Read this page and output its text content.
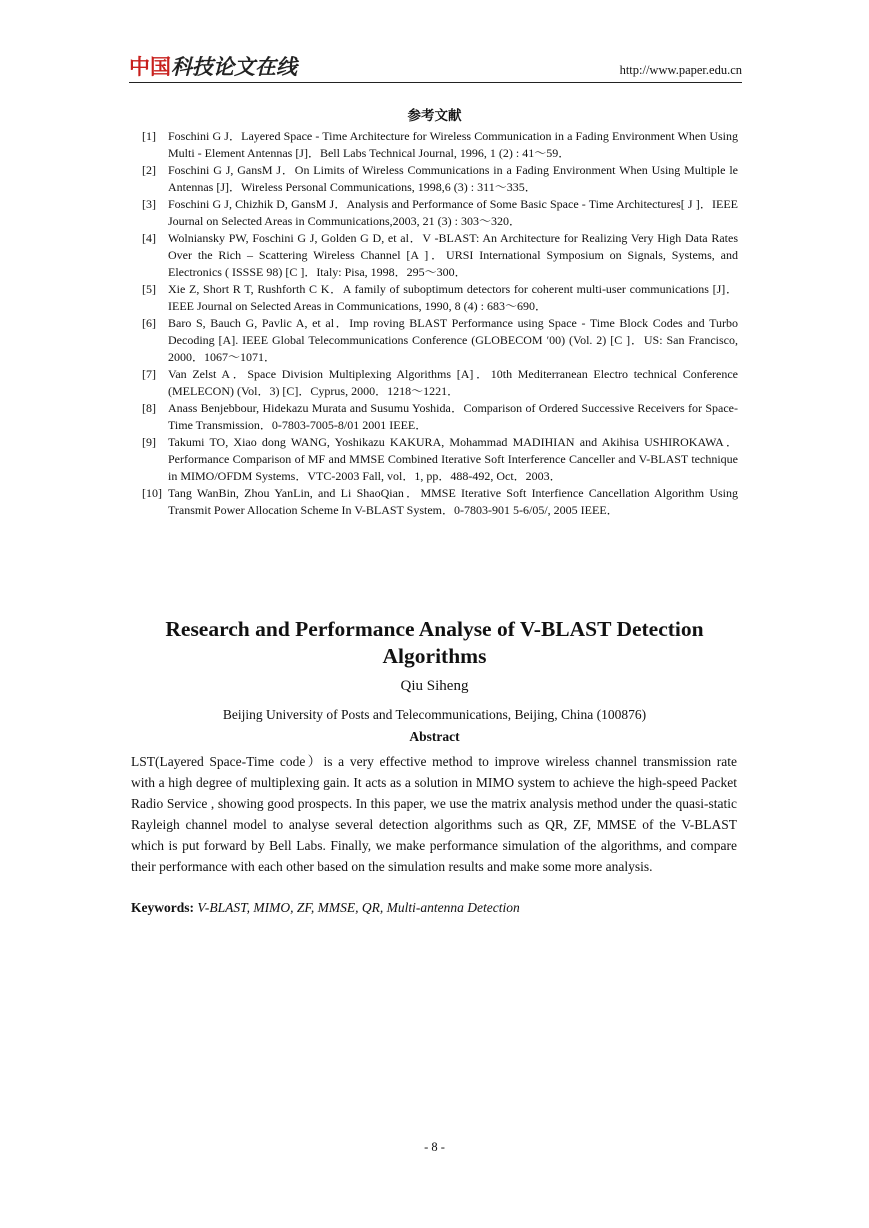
中国科技论文在线	http://www.paper.edu.cn
参考文献
[1] Foschini G J．Layered Space - Time Architecture for Wireless Communication in a Fading Environment When Using Multi - Element Antennas [J]．Bell Labs Technical Journal, 1996, 1 (2) : 41～59．
[2] Foschini G J, GansM J．On Limits of Wireless Communications in a Fading Environment When Using Multiple le Antennas [J]．Wireless Personal Communications, 1998,6 (3) : 311～335．
[3] Foschini G J, Chizhik D, GansM J．Analysis and Performance of Some Basic Space - Time Architectures[ J ]．IEEE Journal on Selected Areas in Communications,2003, 21 (3) : 303～320．
[4] Wolniansky PW, Foschini G J, Golden G D, et al．V -BLAST: An Architecture for Realizing Very High Data Rates Over the Rich – Scattering Wireless Channel [A ]．URSI International Symposium on Signals, Systems, and Electronics ( ISSSE 98) [C ]．Italy: Pisa, 1998．295～300．
[5] Xie Z, Short R T, Rushforth C K．A family of suboptimum detectors for coherent multi-user communications [J]．IEEE Journal on Selected Areas in Communications, 1990, 8 (4) : 683～690．
[6] Baro S, Bauch G, Pavlic A, et al．Imp roving BLAST Performance using Space - Time Block Codes and Turbo Decoding [A]. IEEE Global Telecommunications Conference (GLOBECOM ′00) (Vol. 2) [C ]．US: San Francisco, 2000．1067～1071．
[7] Van Zelst A．Space Division Multiplexing Algorithms [A]．10th Mediterranean Electro technical Conference　(MELECON) (Vol．3) [C]．Cyprus, 2000．1218～1221．
[8] Anass Benjebbour, Hidekazu Murata and Susumu Yoshida．Comparison of Ordered Successive Receivers for Space-Time Transmission．0-7803-7005-8/01 2001 IEEE．
[9] Takumi TO, Xiao dong WANG, Yoshikazu KAKURA, Mohammad MADIHIAN and Akihisa USHIROKAWA．Performance Comparison of MF and MMSE Combined Iterative Soft Interference Canceller and V-BLAST technique in MIMO/OFDM Systems．VTC-2003 Fall, vol．1, pp．488-492, Oct．2003．
[10] Tang WanBin, Zhou YanLin, and Li ShaoQian．MMSE Iterative Soft Interfience Cancellation Algorithm Using Transmit Power Allocation Scheme In V-BLAST System．0-7803-901 5-6/05/, 2005 IEEE．
Research and Performance Analyse of V-BLAST Detection Algorithms
Qiu Siheng
Beijing University of Posts and Telecommunications, Beijing, China (100876)
Abstract

LST(Layered Space-Time code）is a very effective method to improve wireless channel transmission rate　with a high degree of multiplexing gain. It acts as a solution in MIMO system to achieve the high-speed Packet Radio Service , showing good prospects. In this paper, we use the matrix analysis method under the quasi-static Rayleigh channel model to analyse several detection algorithms such as QR, ZF, MMSE of the V-BLAST which is put forward by Bell Labs. Finally, we make performance simulation of the algorithms, and compare their performance with each other based on the simulation results and make some more analysis.

Keywords: V-BLAST, MIMO, ZF, MMSE, QR, Multi-antenna Detection
- 8 -
